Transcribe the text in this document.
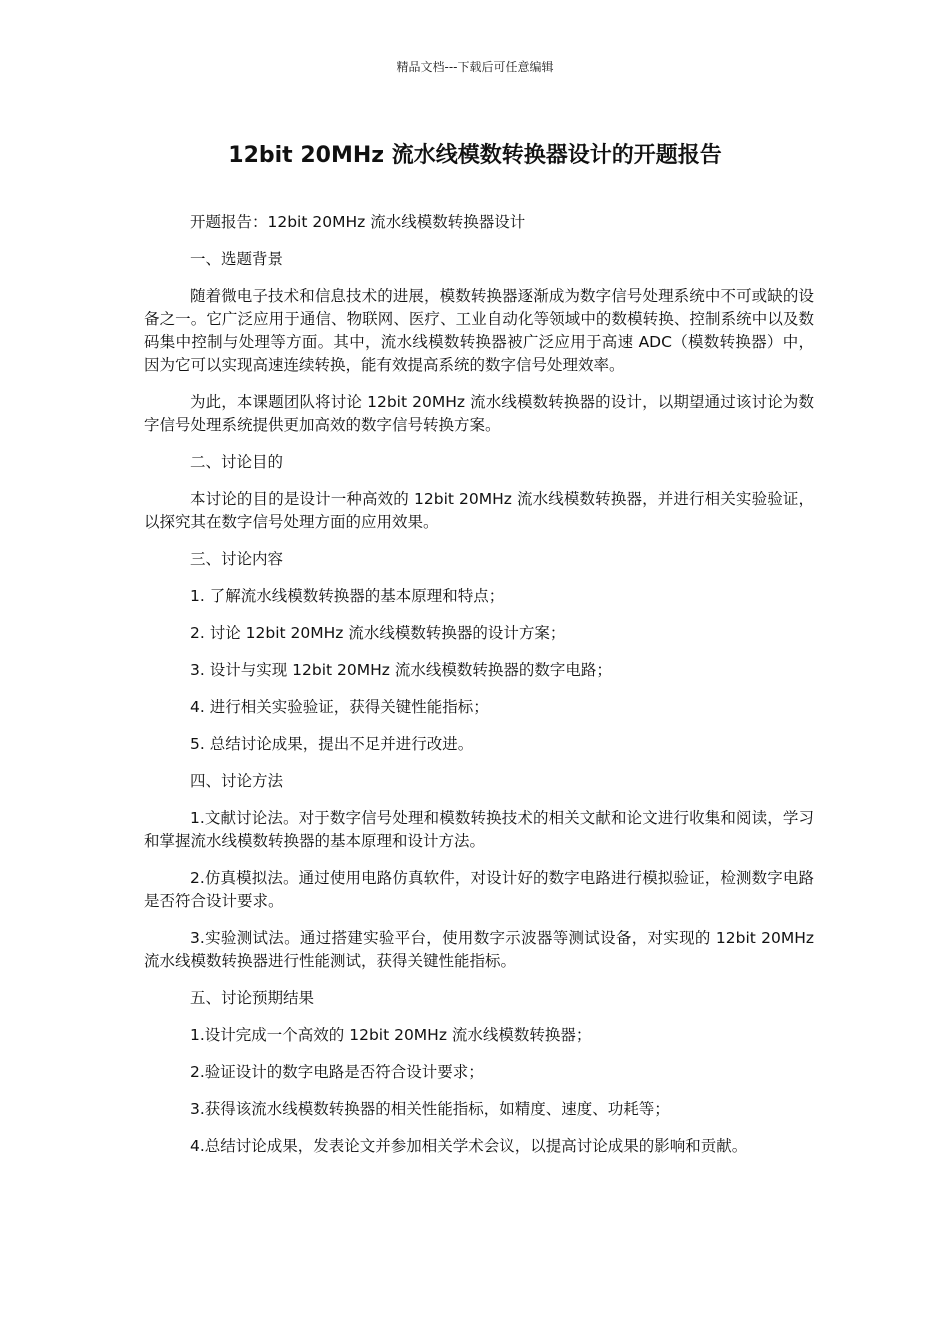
精品文档---下载后可任意编辑
12bit 20MHz 流水线模数转换器设计的开题报告

开题报告：12bit 20MHz 流水线模数转换器设计

一、选题背景

随着微电子技术和信息技术的进展，模数转换器逐渐成为数字信号处理系统中不可或缺的设备之一。它广泛应用于通信、物联网、医疗、工业自动化等领域中的数模转换、控制系统中以及数码集中控制与处理等方面。其中，流水线模数转换器被广泛应用于高速 ADC（模数转换器）中，因为它可以实现高速连续转换，能有效提高系统的数字信号处理效率。

为此，本课题团队将讨论 12bit 20MHz 流水线模数转换器的设计，以期望通过该讨论为数字信号处理系统提供更加高效的数字信号转换方案。

二、讨论目的

本讨论的目的是设计一种高效的 12bit 20MHz 流水线模数转换器，并进行相关实验验证，以探究其在数字信号处理方面的应用效果。

三、讨论内容

1. 了解流水线模数转换器的基本原理和特点；

2. 讨论 12bit 20MHz 流水线模数转换器的设计方案；

3. 设计与实现 12bit 20MHz 流水线模数转换器的数字电路；

4. 进行相关实验验证，获得关键性能指标；

5. 总结讨论成果，提出不足并进行改进。

四、讨论方法

1.文献讨论法。对于数字信号处理和模数转换技术的相关文献和论文进行收集和阅读，学习和掌握流水线模数转换器的基本原理和设计方法。

2.仿真模拟法。通过使用电路仿真软件，对设计好的数字电路进行模拟验证，检测数字电路是否符合设计要求。

3.实验测试法。通过搭建实验平台，使用数字示波器等测试设备，对实现的 12bit 20MHz 流水线模数转换器进行性能测试，获得关键性能指标。

五、讨论预期结果

1.设计完成一个高效的 12bit 20MHz 流水线模数转换器；

2.验证设计的数字电路是否符合设计要求；

3.获得该流水线模数转换器的相关性能指标，如精度、速度、功耗等；

4.总结讨论成果，发表论文并参加相关学术会议，以提高讨论成果的影响和贡献。
